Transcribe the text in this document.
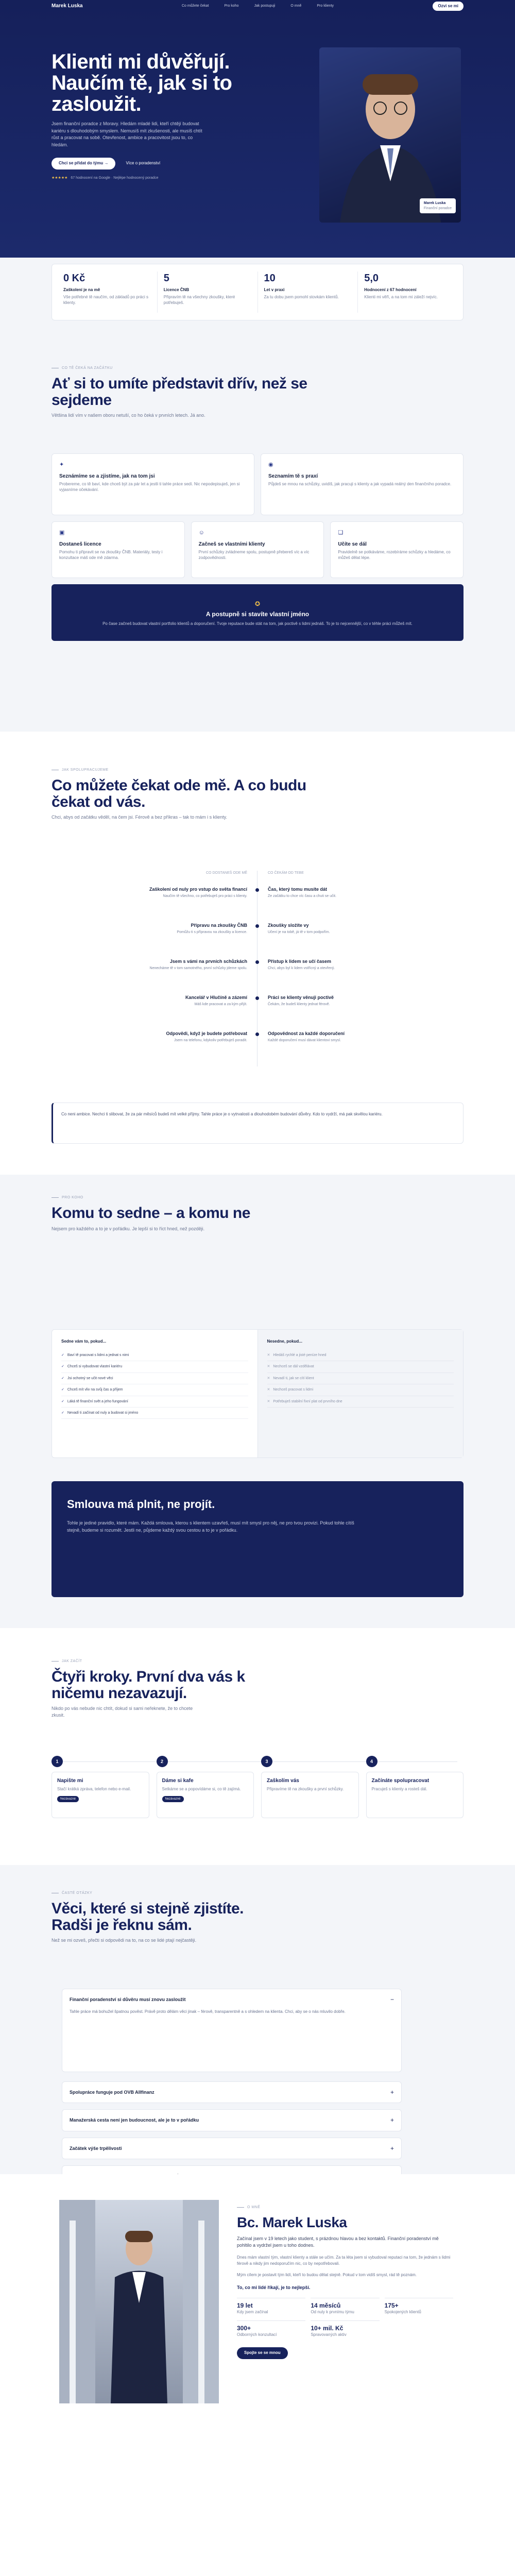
Marek Luska	Co můžete čekat	Pro koho	Jak postupuji	O mně	Pro klienty	Ozvi se mi
Klienti mi důvěřují. Naučím tě, jak si to zasloužit.
Jsem finanční poradce z Moravy. Hledám mladé lidi, kteří chtějí budovat kariéru s dlouhodobým smyslem. Nemusíš mít zkušenosti, ale musíš chtít růst a pracovat na sobě. Otevřenost, ambice a pracovitost jsou to, co hledám.
Chci se přidat do týmu →	Více o poradenství
★★★★★ 67 hodnocení na Google · Nejlépe hodnocený poradce
Marek Luska
Finanční poradce
0 Kč
Zaškolení je na mě
Vše potřebné tě naučím, od základů po práci s klienty.
5
Licence ČNB
Připravím tě na všechny zkoušky, které potřebuješ.
10
Let v praxi
Za tu dobu jsem pomohl stovkám klientů.
5,0
Hodnocení z 67 hodnocení
Klienti mi věří, a na tom mi záleží nejvíc.
CO TĚ ČEKÁ NA ZAČÁTKU
Ať si to umíte představit dřív, než se sejdeme
Většina lidí vím v našem oboru netuší, co ho čeká v prvních letech. Já ano.
✦
Seznámíme se a zjistíme, jak na tom jsi
Probereme, co tě baví, kde chceš být za pár let a jestli ti tahle práce sedí. Nic nepodepisuješ, jen si vyjasníme očekávání.
◉
Seznamím tě s praxí
Půjdeš se mnou na schůzky, uvidíš, jak pracuji s klienty a jak vypadá reálný den finančního poradce.
▣
Dostaneš licence
Pomohu ti připravit se na zkoušky ČNB. Materiály, testy i konzultace máš ode mě zdarma.
☺
Začneš se vlastními klienty
První schůzky zvládneme spolu, postupně přebereš víc a víc zodpovědnosti.
❏
Učíte se dál
Pravidelně se potkáváme, rozebíráme schůzky a hledáme, co můžeš dělat lépe.
✪
A postupně si stavíte vlastní jméno
Po čase začneš budovat vlastní portfolio klientů a doporučení. Tvoje reputace bude stát na tom, jak poctivě s lidmi jednáš. To je to nejcennější, co v téhle práci můžeš mít.
JAK SPOLUPRACUJEME
Co můžete čekat ode mě. A co budu čekat od vás.
Chci, abys od začátku věděl, na čem jsi. Férově a bez příkras – tak to mám i s klienty.
CO DOSTANEŠ ODE MĚ	CO ČEKÁM OD TEBE
Zaškolení od nuly pro vstup do světa financí
Naučím tě všechno, co potřebuješ pro práci s klienty.
Čas, který tomu musíte dát
Ze začátku to chce víc času a chuti se učit.
Přípravu na zkoušky ČNB
Pomůžu ti s přípravou na zkoušky a licence.
Zkoušky složíte vy
Učení je na tobě, já tě v tom podpořím.
Jsem s vámi na prvních schůzkách
Nenecháme tě v tom samotného, první schůzky jdeme spolu.
Přístup k lidem se učí časem
Chci, abys byl k lidem vstřícný a otevřený.
Kancelář v Hlučíně a zázemí
Máš kde pracovat a za kým přijít.
Práci se klienty věnuji poctivě
Čekám, že budeš klienty jednat férově.
Odpovědi, když je budete potřebovat
Jsem na telefonu, kdykoliv potřebuješ poradit.
Odpovědnost za každé doporučení
Každé doporučení musí dávat klientovi smysl.
Co neni ambice. Nechci ti slibovat, že za pár měsíců budeš mít velké příjmy. Tahle práce je o vytrvalosti a dlouhodobém budování důvěry. Kdo to vydrží, má pak skvělou kariéru.
PRO KOHO
Komu to sedne – a komu ne
Nejsem pro každého a to je v pořádku. Je lepší si to říct hned, než později.
Sedne vám to, pokud...
✓ Baví tě pracovat s lidmi a jednat s nimi
✓ Chceš si vybudovat vlastní kariéru
✓ Jsi ochotný se učit nové věci
✓ Chceš mít vliv na svůj čas a příjem
✓ Láká tě finanční svět a jeho fungování
✓ Nevadí ti začínat od nuly a budovat si jméno
Nesedne, pokud...
✕ Hledáš rychlé a jisté peníze hned
✕ Nechceš se dál vzdělávat
✕ Nevadí ti, jak se cítí klient
✕ Nechceš pracovat s lidmi
✕ Potřebuješ stabilní fixní plat od prvního dne
Smlouva má plnit, ne projít.
Tohle je jediné pravidlo, které mám. Každá smlouva, kterou s klientem uzavřeš, musí mít smysl pro něj, ne pro tvou provizi. Pokud tohle cítíš stejně, budeme si rozumět. Jestli ne, půjdeme každý svou cestou a to je v pořádku.
JAK ZAČÍT
Čtyři kroky. První dva vás k ničemu nezavazují.
Nikdo po vás nebude nic chtít, dokud si sami neřeknete, že to chcete zkusit.
1
Napište mi
Stačí krátká zpráva, telefon nebo e-mail.
Nezávazné
2
Dáme si kafe
Setkáme se a popovídáme si, co tě zajímá.
Nezávazné
3
Zaškolím vás
Připravíme tě na zkoušky a první schůzky.
4
Začínáte spolupracovat
Pracuješ s klienty a rosteš dál.
ČASTÉ OTÁZKY
Věci, které si stejně zjistíte. Radši je řeknu sám.
Než se mi ozveš, přečti si odpovědi na to, na co se lidé ptají nejčastěji.
Finanční poradenství si důvěru musí znovu zasloužit	−
Tahle práce má bohužel špatnou pověst. Právě proto dělám věci jinak – férově, transparentně a s ohledem na klienta. Chci, aby se o nás mluvilo dobře.
Spolupráce funguje pod OVB Allfinanz	+
Manažerská cesta není jen budoucnost, ale je to v pořádku	+
Začátek výše trpělivosti	+
O MNĚ
Bc. Marek Luska
Začínal jsem v 19 letech jako student, s prázdnou hlavou a bez kontaktů. Finanční poradenství mě pohltilo a vydržel jsem u toho dodnes.
Dnes mám vlastní tým, vlastní klienty a stále se učím. Za ta léta jsem si vybudoval reputaci na tom, že jednám s lidmi férově a nikdy jim nedoporučím nic, co by nepotřebovali.
Mým cílem je postavit tým lidí, kteří to budou dělat stejně. Pokud v tom vidíš smysl, rád tě poznám.
To, co mi lidé říkají, je to nejlepší.
19 let
Kdy jsem začínal
14 měsíců
Od nuly k prvnímu týmu
175+
Spokojených klientů
300+
Odborných konzultací
10+ mil. Kč
Spravovaných aktiv
Spojte se se mnou
